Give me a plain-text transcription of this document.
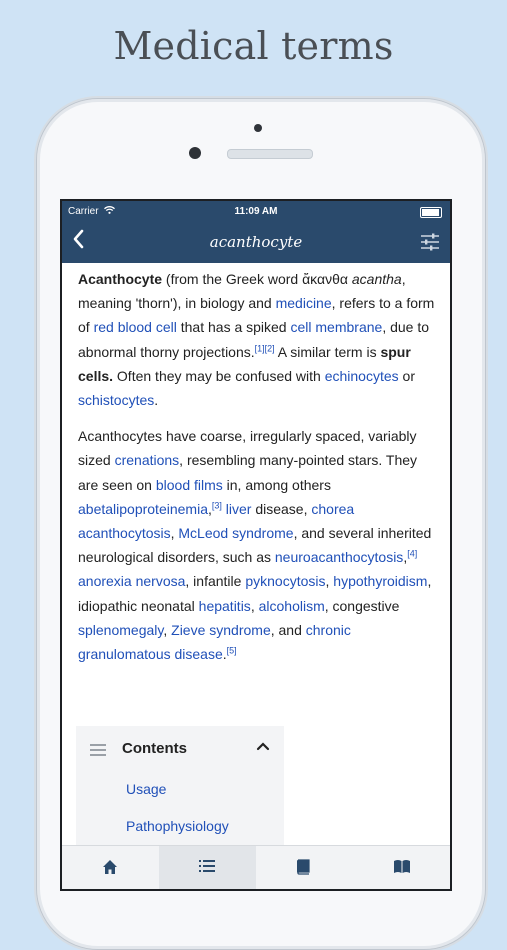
Medical terms
Carrier	11:09 AM
acanthocyte

Acanthocyte (from the Greek word ἄκανθα acantha, meaning 'thorn'), in biology and medicine, refers to a form of red blood cell that has a spiked cell membrane, due to abnormal thorny projections.[1][2] A similar term is spur cells. Often they may be confused with echinocytes or schistocytes.

Acanthocytes have coarse, irregularly spaced, variably sized crenations, resembling many-pointed stars. They are seen on blood films in, among others abetalipoproteinemia,[3] liver disease, chorea acanthocytosis, McLeod syndrome, and several inherited neurological disorders, such as neuroacanthocytosis,[4] anorexia nervosa, infantile pyknocytosis, hypothyroidism, idiopathic neonatal hepatitis, alcoholism, congestive splenomegaly, Zieve syndrome, and chronic granulomatous disease.[5]

Contents
Usage
Pathophysiology
